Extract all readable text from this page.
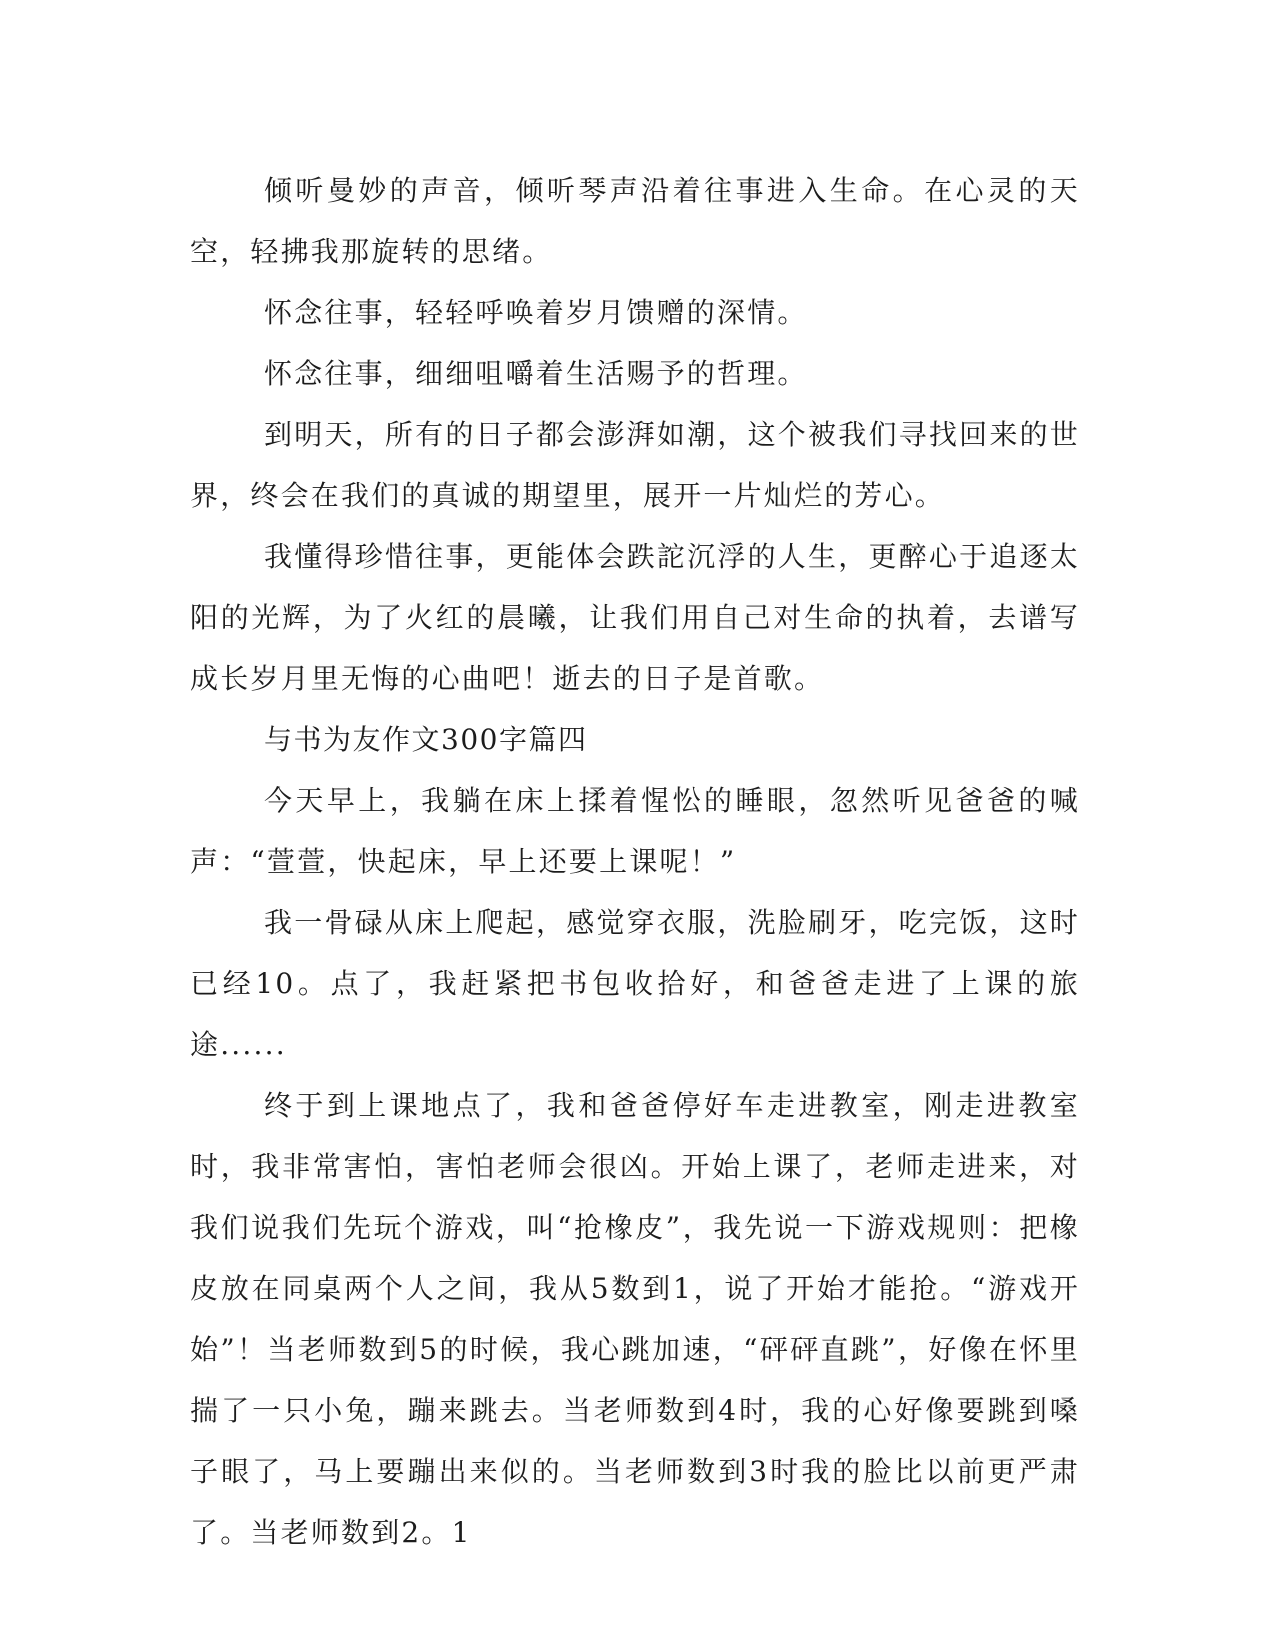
倾听曼妙的声音，倾听琴声沿着往事进入生命。在心灵的天空，轻拂我那旋转的思绪。

怀念往事，轻轻呼唤着岁月馈赠的深情。

怀念往事，细细咀嚼着生活赐予的哲理。

到明天，所有的日子都会澎湃如潮，这个被我们寻找回来的世界，终会在我们的真诚的期望里，展开一片灿烂的芳心。

我懂得珍惜往事，更能体会跌詑沉浮的人生，更醉心于追逐太阳的光辉，为了火红的晨曦，让我们用自己对生命的执着，去谱写成长岁月里无悔的心曲吧！逝去的日子是首歌。

与书为友作文300字篇四

今天早上，我躺在床上揉着惺忪的睡眼，忽然听见爸爸的喊声：“萱萱，快起床，早上还要上课呢！”

我一骨碌从床上爬起，感觉穿衣服，洗脸刷牙，吃完饭，这时已经10。点了，我赶紧把书包收拾好，和爸爸走进了上课的旅途......

终于到上课地点了，我和爸爸停好车走进教室，刚走进教室时，我非常害怕，害怕老师会很凶。开始上课了，老师走进来，对我们说我们先玩个游戏，叫“抢橡皮”，我先说一下游戏规则：把橡皮放在同桌两个人之间，我从5数到1，说了开始才能抢。“游戏开始”！当老师数到5的时候，我心跳加速，“砰砰直跳”，好像在怀里揣了一只小兔，蹦来跳去。当老师数到4时，我的心好像要跳到嗓子眼了，马上要蹦出来似的。当老师数到3时我的脸比以前更严肃了。当老师数到2。1
